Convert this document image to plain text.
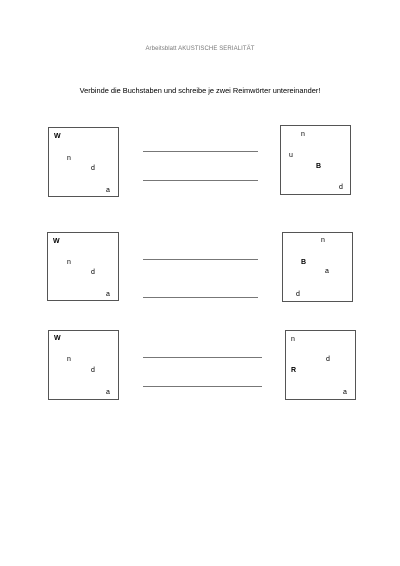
Arbeitsblatt AKUSTISCHE SERIALITÄT
Verbinde die Buchstaben und schreibe je zwei Reimwörter untereinander!
W
n
d
a
n
u
B
d
W
n
d
a
n
B
a
d
W
n
d
a
n
d
R
a
